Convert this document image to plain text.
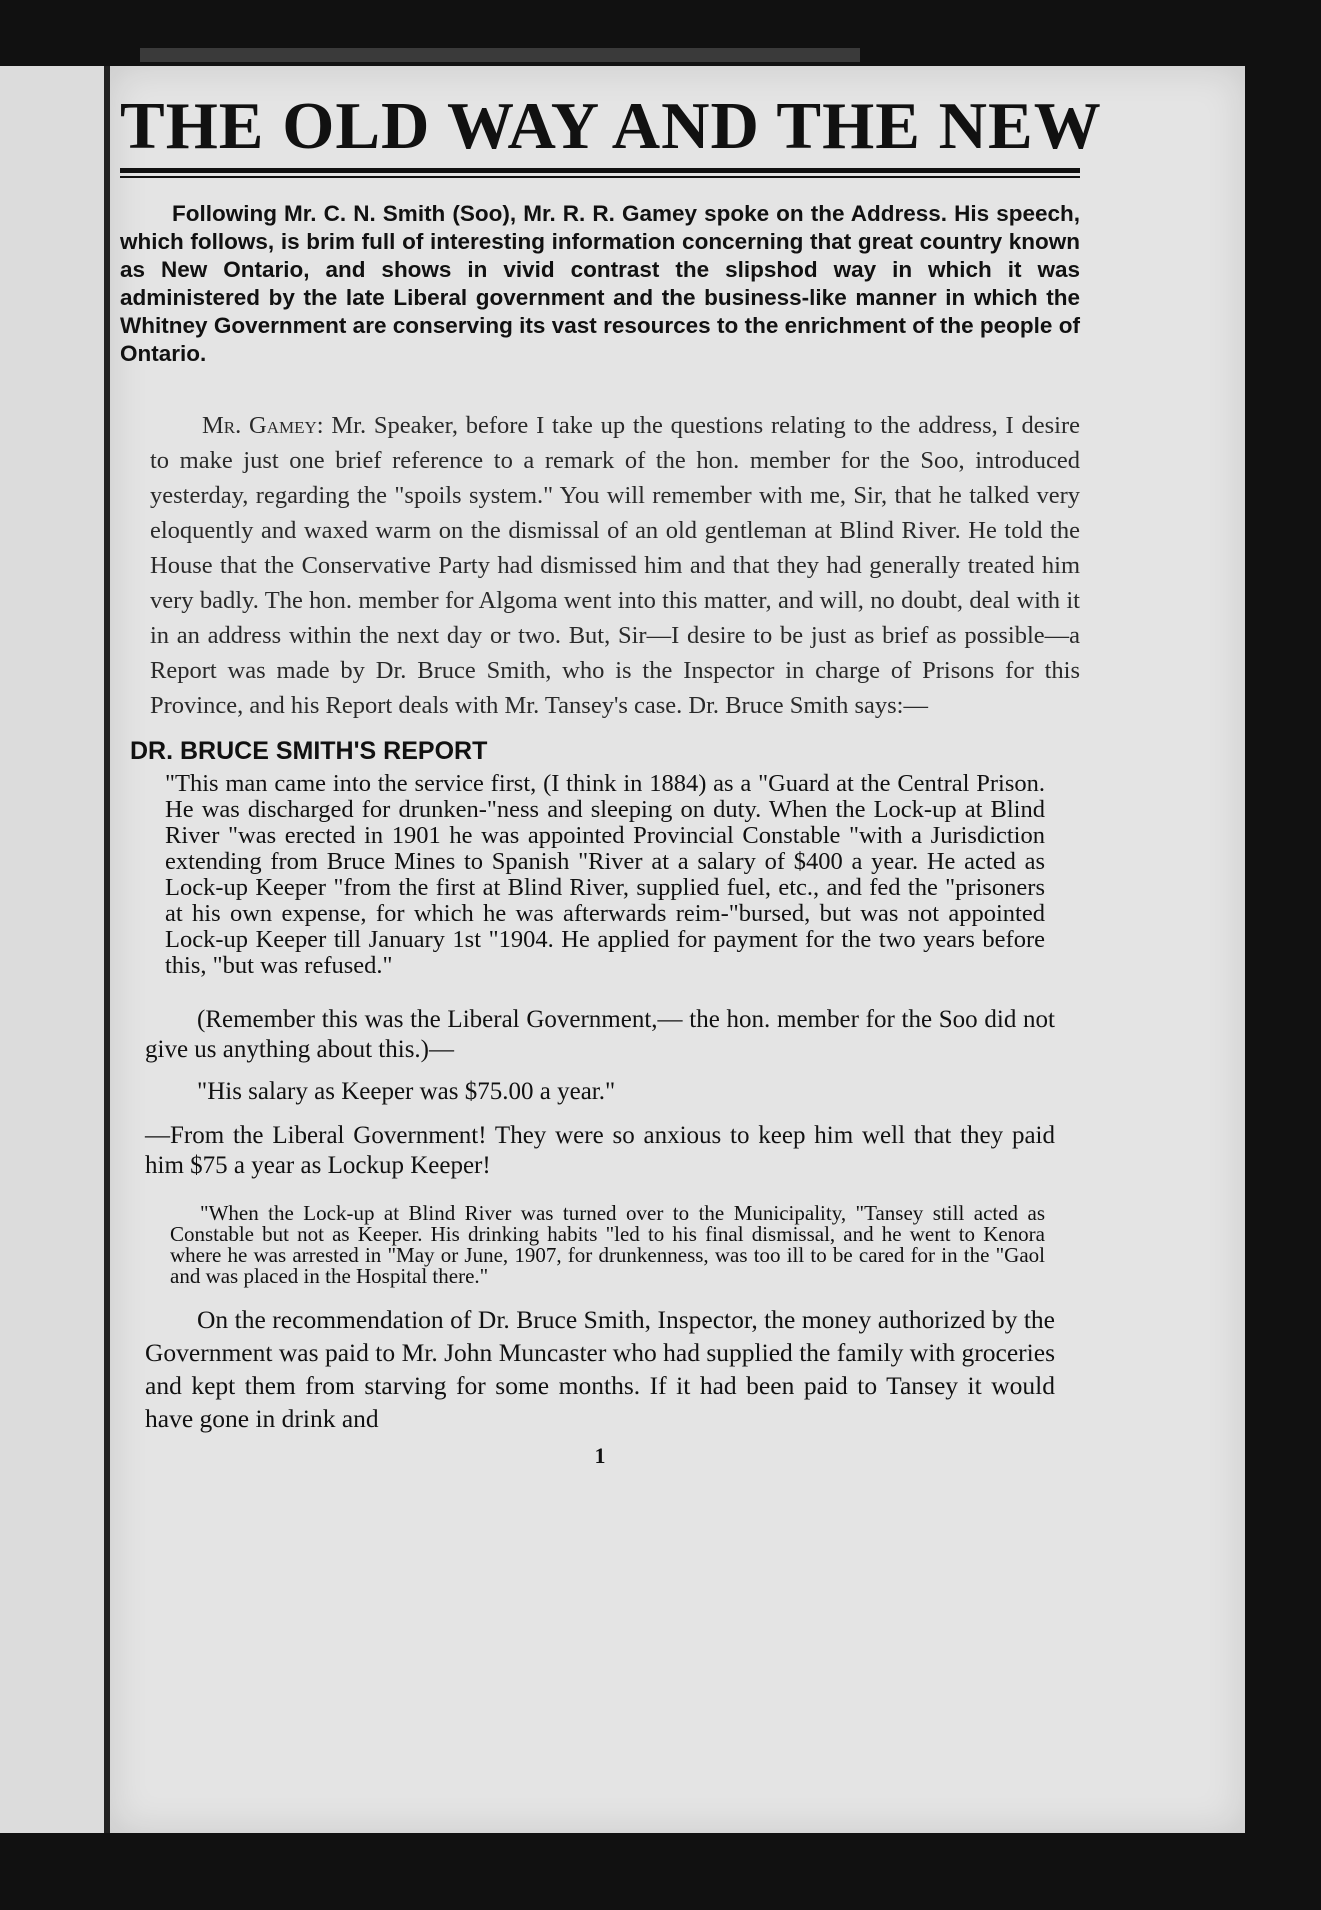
THE OLD WAY AND THE NEW

Following Mr. C. N. Smith (Soo), Mr. R. R. Gamey spoke on the Address. His speech, which follows, is brim full of interesting information concerning that great country known as New Ontario, and shows in vivid contrast the slipshod way in which it was administered by the late Liberal government and the business-like manner in which the Whitney Government are conserving its vast resources to the enrichment of the people of Ontario.

Mr. Gamey: Mr. Speaker, before I take up the questions relating to the address, I desire to make just one brief reference to a remark of the hon. member for the Soo, introduced yesterday, regarding the "spoils system." You will remember with me, Sir, that he talked very eloquently and waxed warm on the dismissal of an old gentleman at Blind River. He told the House that the Conservative Party had dismissed him and that they had generally treated him very badly. The hon. member for Algoma went into this matter, and will, no doubt, deal with it in an address within the next day or two. But, Sir—I desire to be just as brief as possible—a Report was made by Dr. Bruce Smith, who is the Inspector in charge of Prisons for this Province, and his Report deals with Mr. Tansey's case. Dr. Bruce Smith says:—

DR. BRUCE SMITH'S REPORT

"This man came into the service first, (I think in 1884) as a "Guard at the Central Prison. He was discharged for drunken-"ness and sleeping on duty. When the Lock-up at Blind River "was erected in 1901 he was appointed Provincial Constable "with a Jurisdiction extending from Bruce Mines to Spanish "River at a salary of $400 a year. He acted as Lock-up Keeper "from the first at Blind River, supplied fuel, etc., and fed the "prisoners at his own expense, for which he was afterwards reim-"bursed, but was not appointed Lock-up Keeper till January 1st "1904. He applied for payment for the two years before this, "but was refused."

(Remember this was the Liberal Government,— the hon. member for the Soo did not give us anything about this.)—

"His salary as Keeper was $75.00 a year."

—From the Liberal Government! They were so anxious to keep him well that they paid him $75 a year as Lockup Keeper!

"When the Lock-up at Blind River was turned over to the Municipality, "Tansey still acted as Constable but not as Keeper. His drinking habits "led to his final dismissal, and he went to Kenora where he was arrested in "May or June, 1907, for drunkenness, was too ill to be cared for in the "Gaol and was placed in the Hospital there."

On the recommendation of Dr. Bruce Smith, Inspector, the money authorized by the Government was paid to Mr. John Muncaster who had supplied the family with groceries and kept them from starving for some months. If it had been paid to Tansey it would have gone in drink and

1
